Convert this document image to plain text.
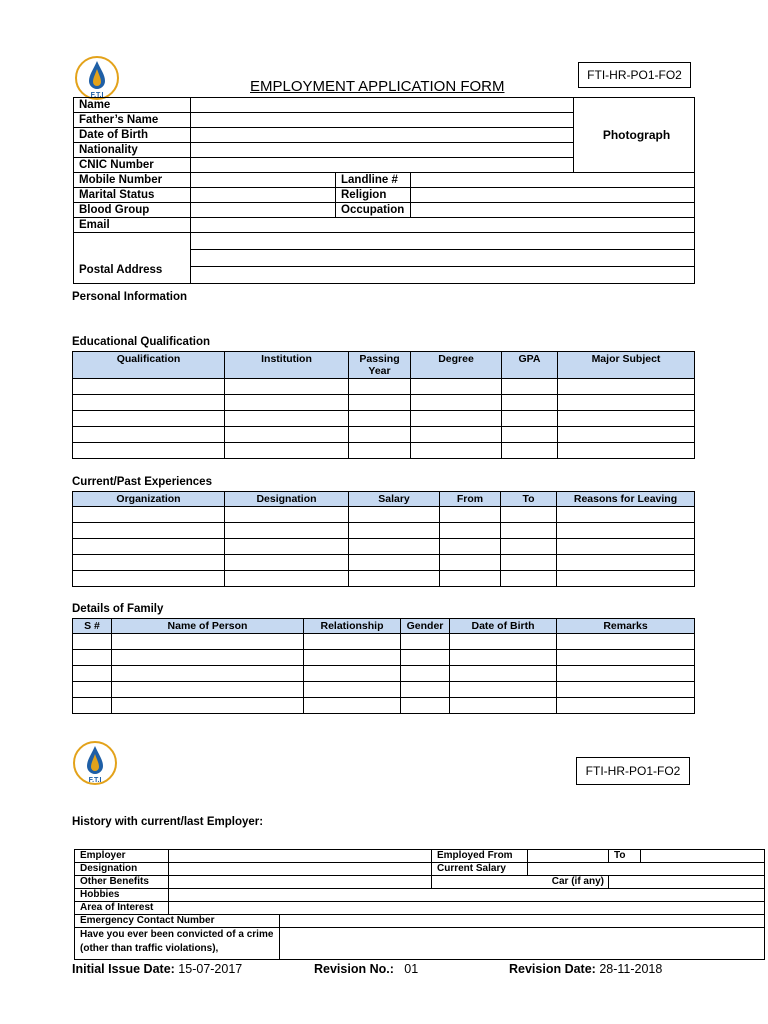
F.T.I
FTI-HR-PO1-FO2
EMPLOYMENT APPLICATION FORM
Name				Photograph
Father’s Name				
Date of Birth				
Nationality				
CNIC Number				
Mobile Number		Landline #		
Marital Status		Religion		
Blood Group		Occupation		
Email				
Postal Address				

Personal Information
Educational Qualification
Qualification	Institution	Passing Year	Degree	GPA	Major Subject

Current/Past Experiences
Organization	Designation	Salary	From	To	Reasons for Leaving

Details of Family
S #	Name of Person	Relationship	Gender	Date of Birth	Remarks

F.T.I
FTI-HR-PO1-FO2
History with current/last Employer:
Employer			Employed From		To	
Designation			Current Salary			
Other Benefits				Car (if any)		
Hobbies						
Area of Interest						
Emergency Contact Number						
Have you ever been convicted of a crime (other than traffic violations),						
Initial Issue Date: 15-07-2017	Revision No.: 01	Revision Date: 28-11-2018
